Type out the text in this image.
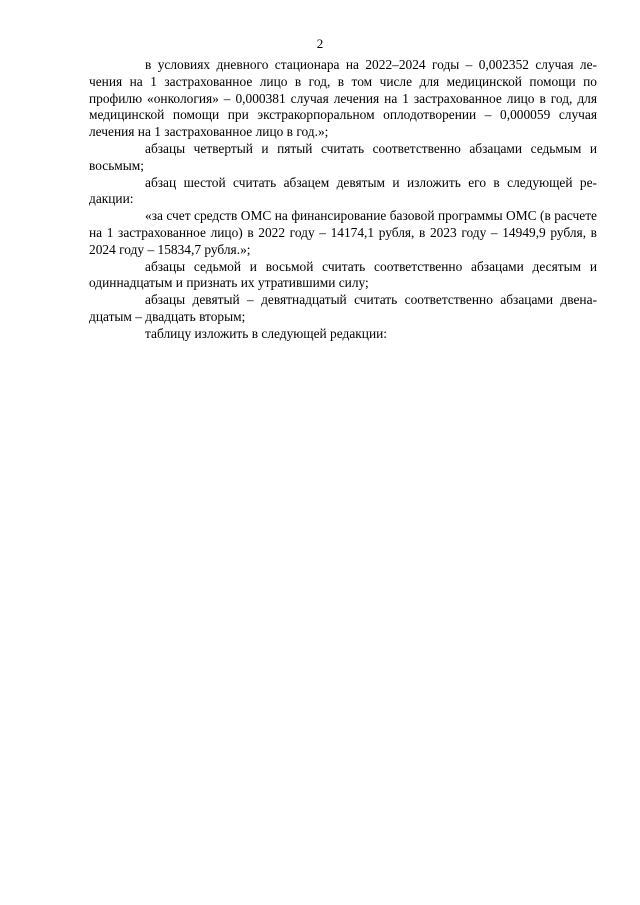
2

в условиях дневного стационара на 2022–2024 годы – 0,002352 случая ле-чения на 1 застрахованное лицо в год, в том числе для медицинской помощи по профилю «онкология» – 0,000381 случая лечения на 1 застрахованное лицо в год, для медицинской помощи при экстракорпоральном оплодотворении – 0,000059 случая лечения на 1 застрахованное лицо в год.»;

абзацы четвертый и пятый считать соответственно абзацами седьмым и восьмым;

абзац шестой считать абзацем девятым и изложить его в следующей ре-дакции:

«за счет средств ОМС на финансирование базовой программы ОМС (в расчете на 1 застрахованное лицо) в 2022 году – 14174,1 рубля, в 2023 году – 14949,9 рубля, в 2024 году – 15834,7 рубля.»;

абзацы седьмой и восьмой считать соответственно абзацами десятым и одиннадцатым и признать их утратившими силу;

абзацы девятый – девятнадцатый считать соответственно абзацами двена-дцатым – двадцать вторым;

таблицу изложить в следующей редакции:
